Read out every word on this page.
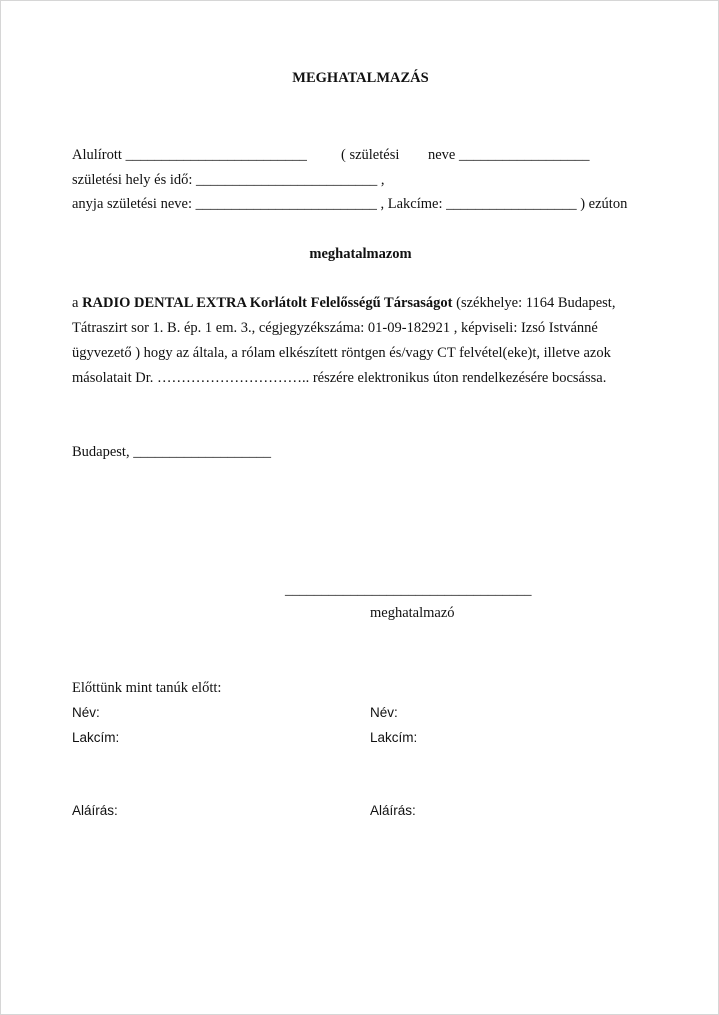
MEGHATALMAZÁS
Alulírott _________________________ ( születési neve __________________
születési hely és idő: _________________________ ,
anyja születési neve: _________________________ , Lakcíme: __________________ ) ezúton
meghatalmazom
a RADIO DENTAL EXTRA Korlátolt Felelősségű Társaságot (székhelye: 1164 Budapest,
Tátraszirt sor 1. B. ép. 1 em. 3., cégjegyzékszáma: 01-09-182921 , képviseli: Izsó Istvánné
ügyvezető ) hogy az általa, a rólam elkészített röntgen és/vagy CT felvétel(eke)t, illetve azok
másolatait Dr. ………………………….. részére elektronikus úton rendelkezésére bocsássa.
Budapest, ___________________
__________________________________
meghatalmazó
Előttünk mint tanúk előtt:
Név:	Név:
Lakcím:	Lakcím:
Aláírás:	Aláírás:
